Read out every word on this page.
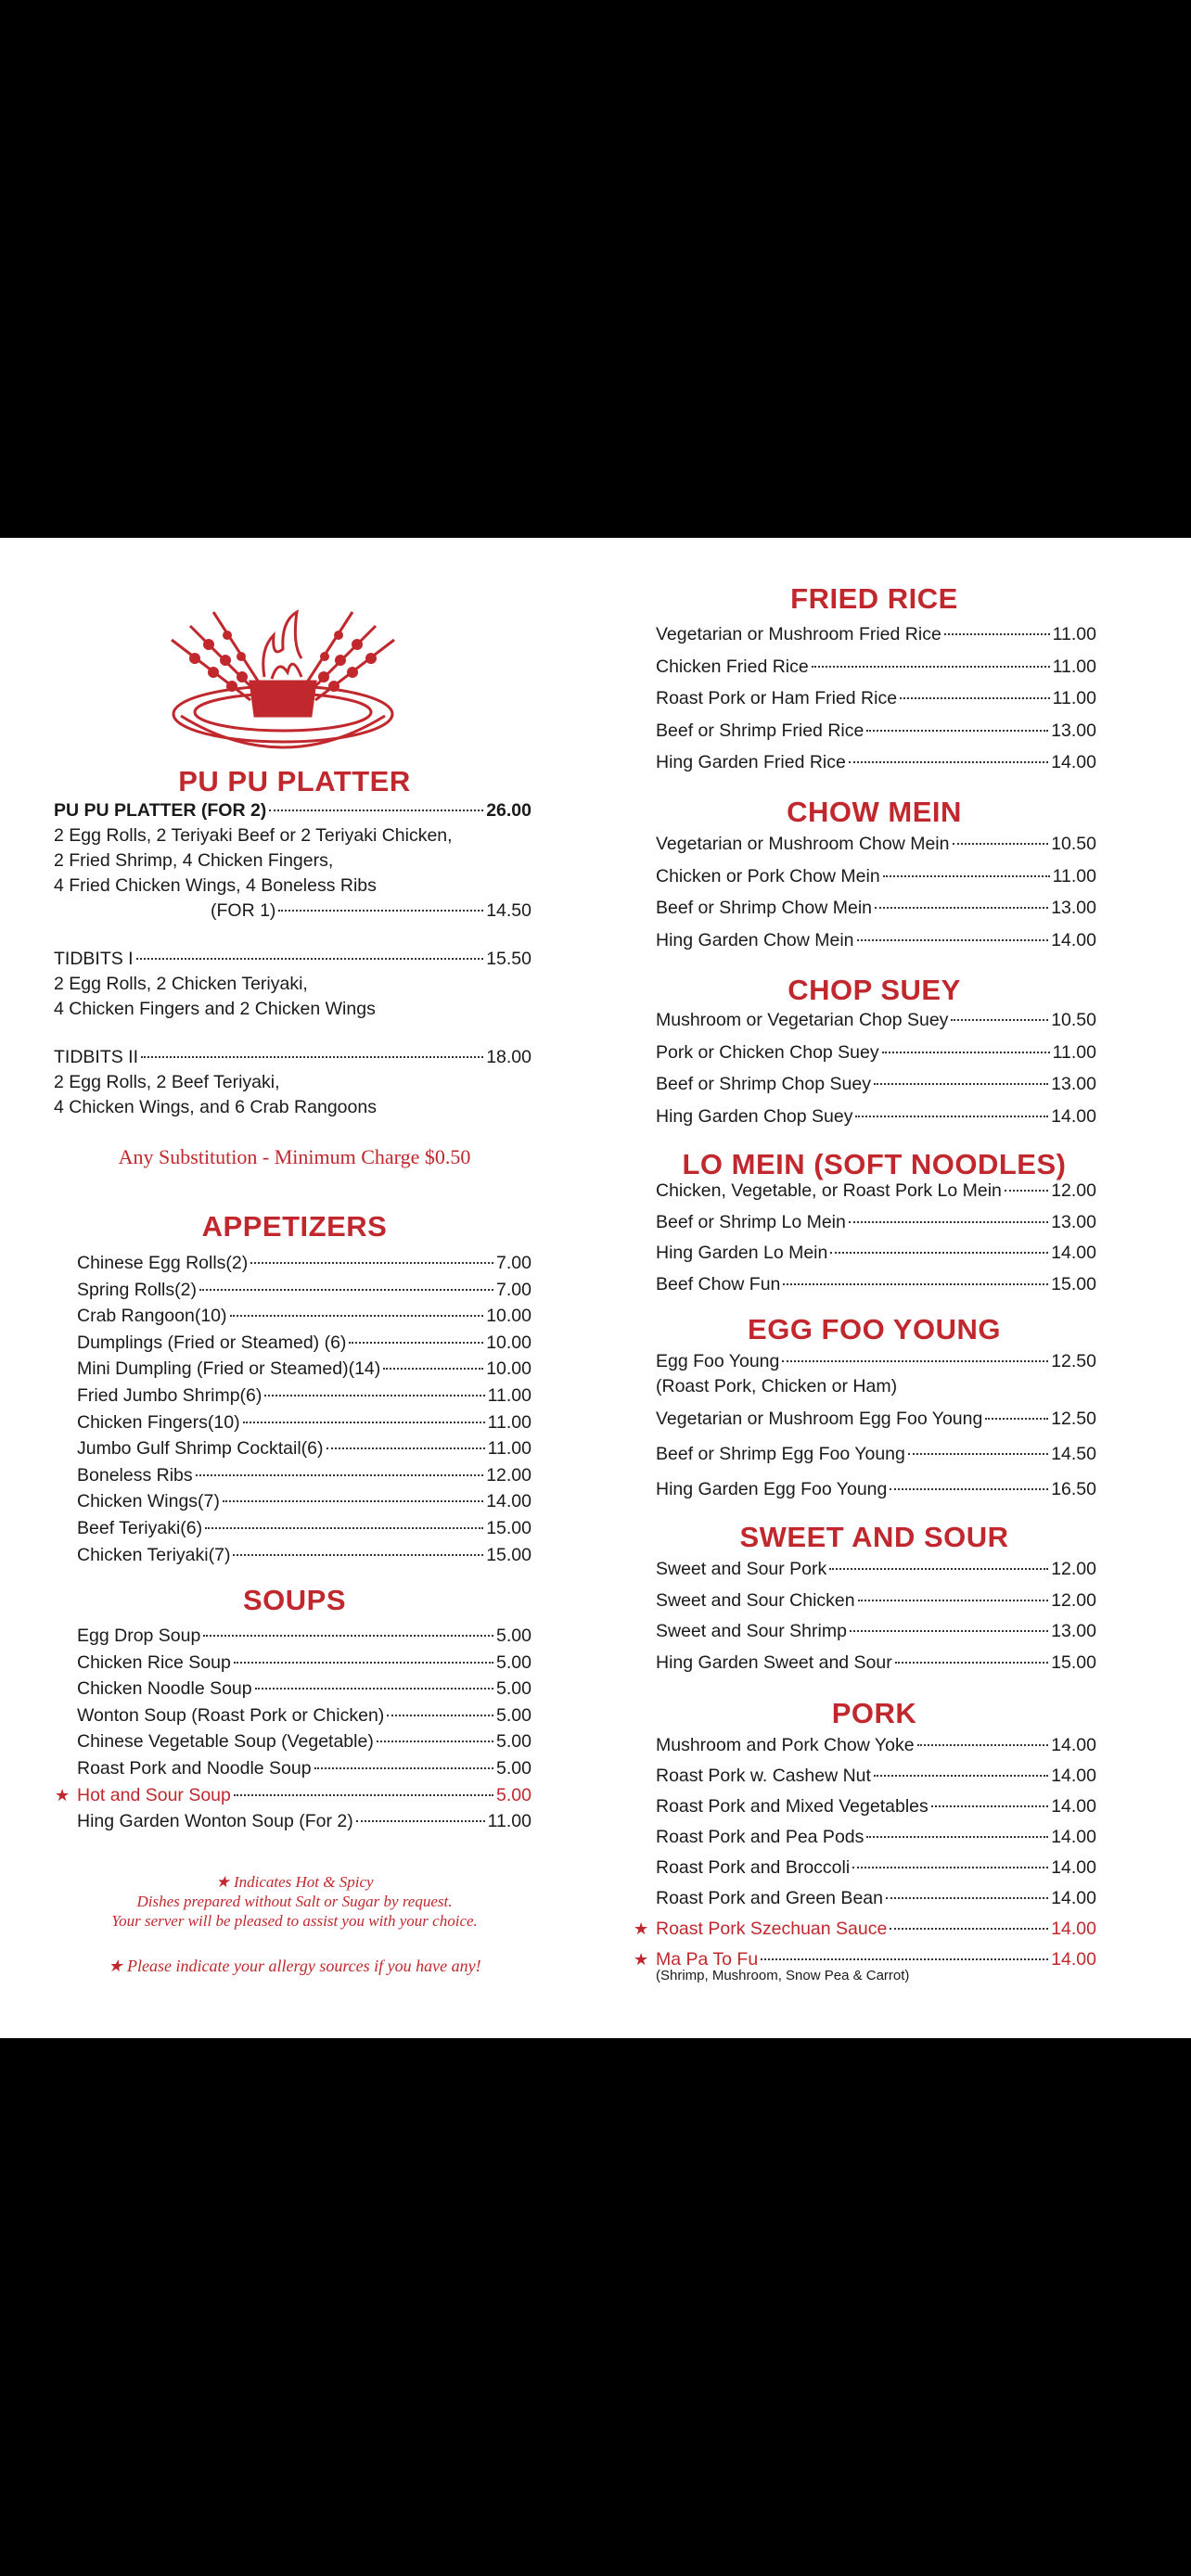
PU PU PLATTER
PU PU PLATTER (FOR 2)	26.00
2 Egg Rolls, 2 Teriyaki Beef or 2 Teriyaki Chicken,
2 Fried Shrimp, 4 Chicken Fingers,
4 Fried Chicken Wings, 4 Boneless Ribs
(FOR 1)	14.50
TIDBITS I	15.50
2 Egg Rolls, 2 Chicken Teriyaki,
4 Chicken Fingers and 2 Chicken Wings
TIDBITS II	18.00
2 Egg Rolls, 2 Beef Teriyaki,
4 Chicken Wings, and 6 Crab Rangoons
Any Substitution - Minimum Charge $0.50
APPETIZERS
Chinese Egg Rolls(2)	7.00
Spring Rolls(2)	7.00
Crab Rangoon(10)	10.00
Dumplings (Fried or Steamed) (6)	10.00
Mini Dumpling (Fried or Steamed)(14)	10.00
Fried Jumbo Shrimp(6)	11.00
Chicken Fingers(10)	11.00
Jumbo Gulf Shrimp Cocktail(6)	11.00
Boneless Ribs	12.00
Chicken Wings(7)	14.00
Beef Teriyaki(6)	15.00
Chicken Teriyaki(7)	15.00
SOUPS
Egg Drop Soup	5.00
Chicken Rice Soup	5.00
Chicken Noodle Soup	5.00
Wonton Soup (Roast Pork or Chicken)	5.00
Chinese Vegetable Soup (Vegetable)	5.00
Roast Pork and Noodle Soup	5.00
★ Hot and Sour Soup	5.00
Hing Garden Wonton Soup (For 2)	11.00
★ Indicates Hot & Spicy
Dishes prepared without Salt or Sugar by request.
Your server will be pleased to assist you with your choice.
★ Please indicate your allergy sources if you have any!
FRIED RICE
Vegetarian or Mushroom Fried Rice	11.00
Chicken Fried Rice	11.00
Roast Pork or Ham Fried Rice	11.00
Beef or Shrimp Fried Rice	13.00
Hing Garden Fried Rice	14.00
CHOW MEIN
Vegetarian or Mushroom Chow Mein	10.50
Chicken or Pork Chow Mein	11.00
Beef or Shrimp Chow Mein	13.00
Hing Garden Chow Mein	14.00
CHOP SUEY
Mushroom or Vegetarian Chop Suey	10.50
Pork or Chicken Chop Suey	11.00
Beef or Shrimp Chop Suey	13.00
Hing Garden Chop Suey	14.00
LO MEIN (SOFT NOODLES)
Chicken, Vegetable, or Roast Pork Lo Mein	12.00
Beef or Shrimp Lo Mein	13.00
Hing Garden Lo Mein	14.00
Beef Chow Fun	15.00
EGG FOO YOUNG
Egg Foo Young	12.50
(Roast Pork, Chicken or Ham)
Vegetarian or Mushroom Egg Foo Young	12.50
Beef or Shrimp Egg Foo Young	14.50
Hing Garden Egg Foo Young	16.50
SWEET AND SOUR
Sweet and Sour Pork	12.00
Sweet and Sour Chicken	12.00
Sweet and Sour Shrimp	13.00
Hing Garden Sweet and Sour	15.00
PORK
Mushroom and Pork Chow Yoke	14.00
Roast Pork w. Cashew Nut	14.00
Roast Pork and Mixed Vegetables	14.00
Roast Pork and Pea Pods	14.00
Roast Pork and Broccoli	14.00
Roast Pork and Green Bean	14.00
★ Roast Pork Szechuan Sauce	14.00
★ Ma Pa To Fu	14.00
(Shrimp, Mushroom, Snow Pea & Carrot)
